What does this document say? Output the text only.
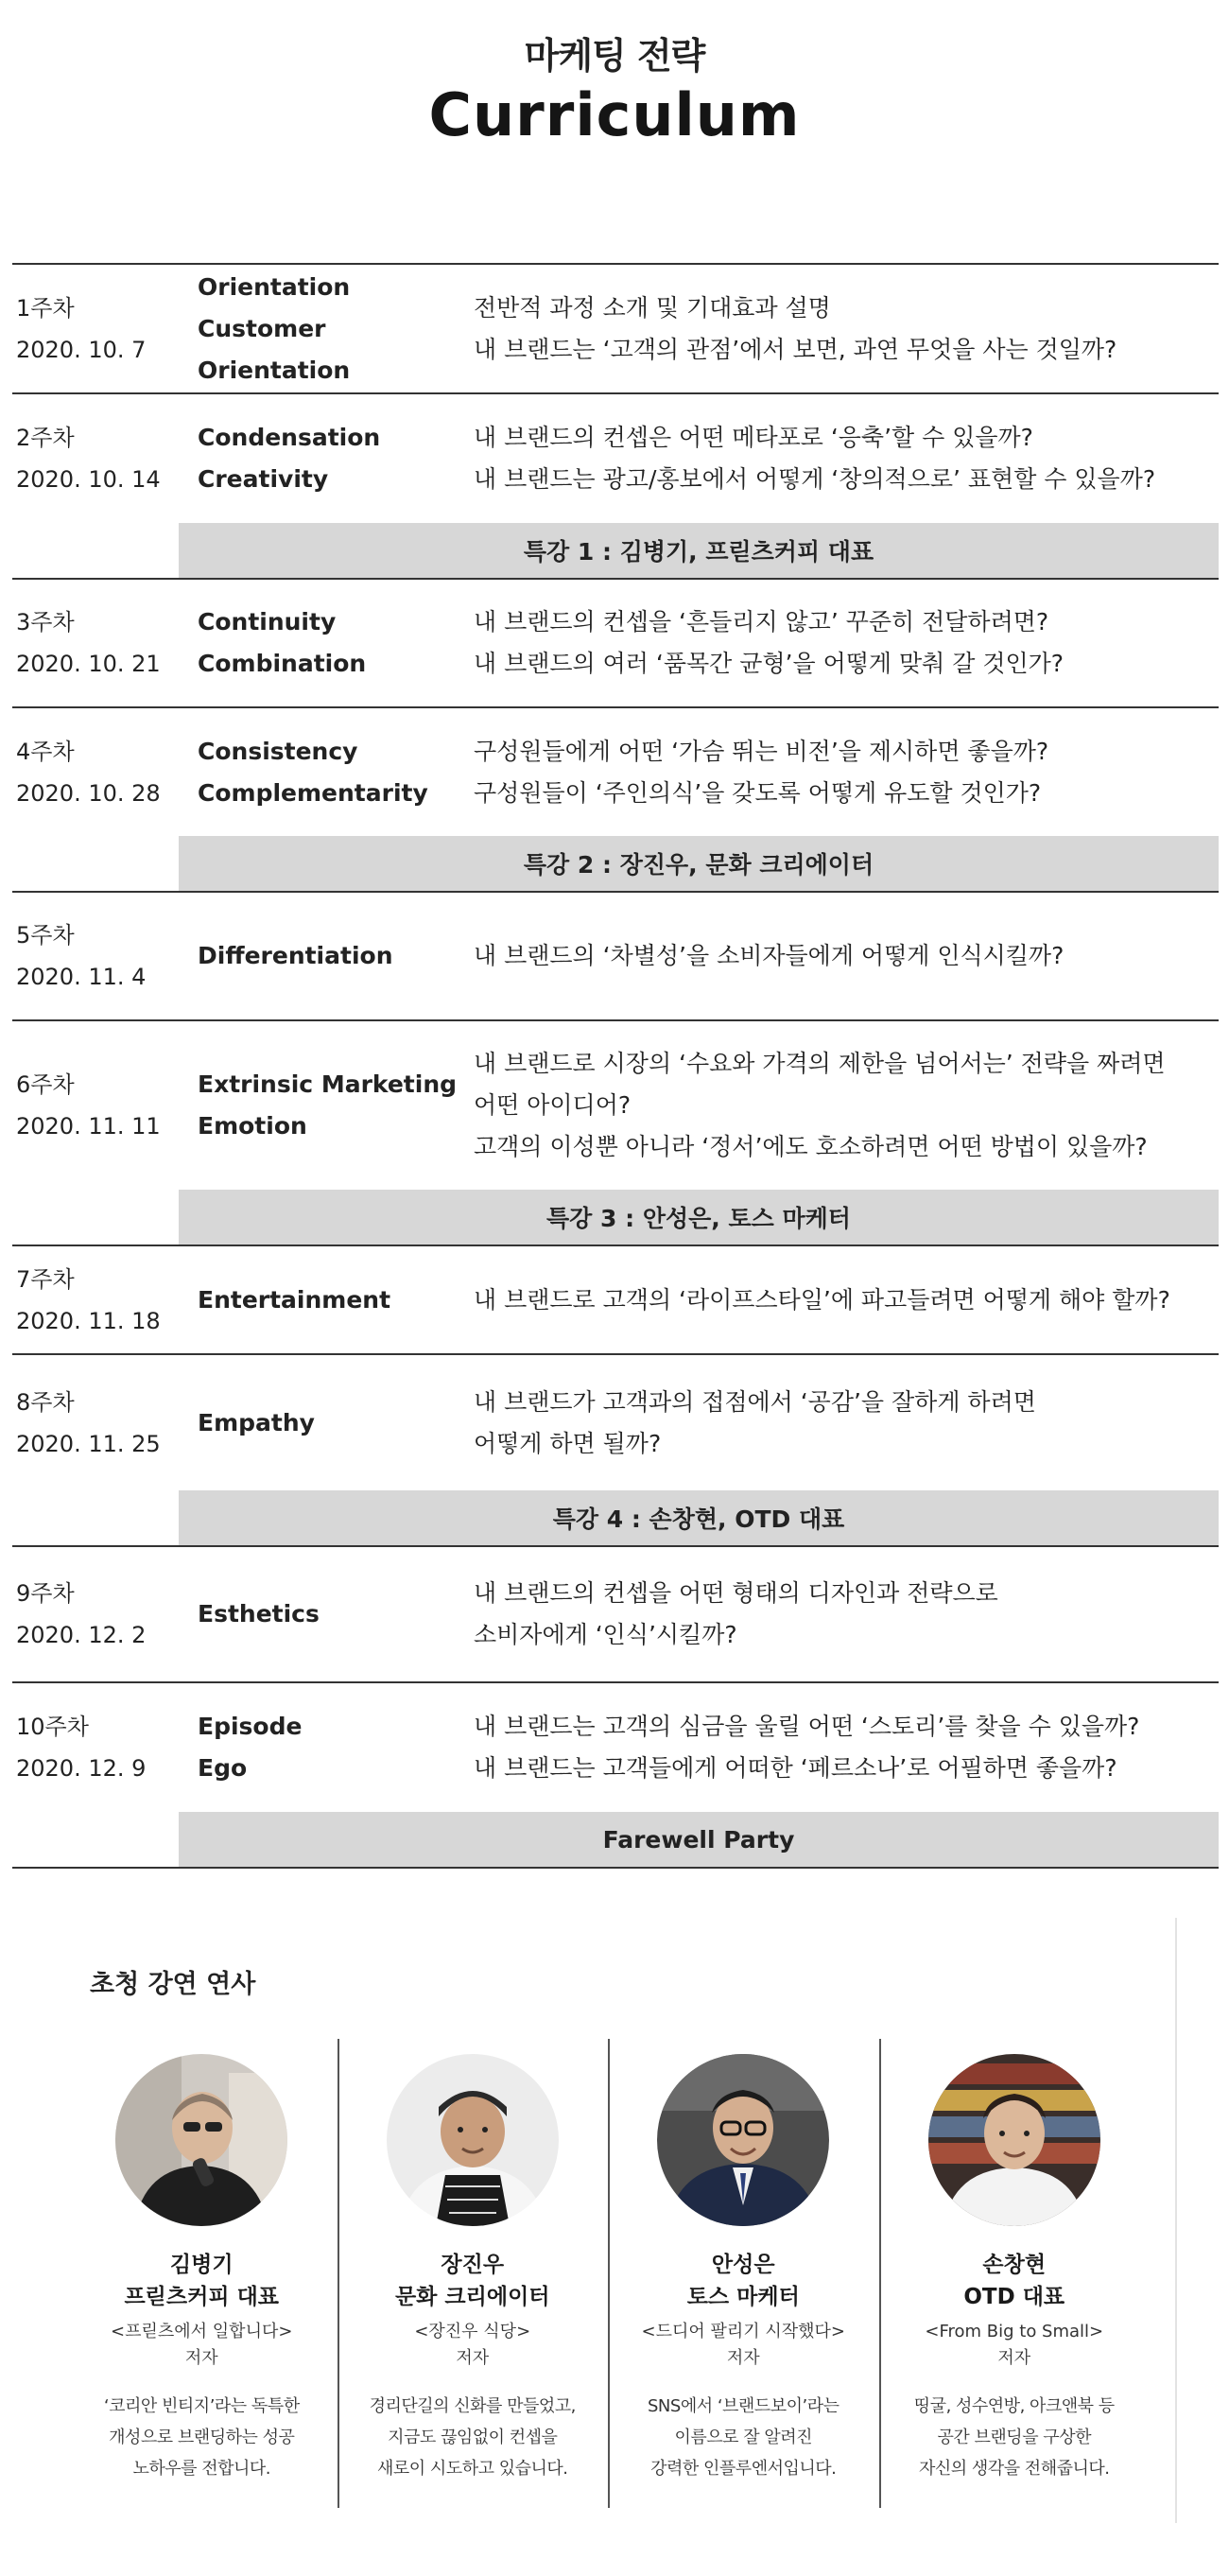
마케팅 전략
Curriculum
1주차
2020. 10. 7
Orientation
Customer Orientation
전반적 과정 소개 및 기대효과 설명
내 브랜드는 ‘고객의 관점’에서 보면, 과연 무엇을 사는 것일까?
2주차
2020. 10. 14
Condensation
Creativity
내 브랜드의 컨셉은 어떤 메타포로 ‘응축’할 수 있을까?
내 브랜드는 광고/홍보에서 어떻게 ‘창의적으로’ 표현할 수 있을까?
특강 1 : 김병기, 프릳츠커피 대표
3주차
2020. 10. 21
Continuity
Combination
내 브랜드의 컨셉을 ‘흔들리지 않고’ 꾸준히 전달하려면?
내 브랜드의 여러 ‘품목간 균형’을 어떻게 맞춰 갈 것인가?
4주차
2020. 10. 28
Consistency
Complementarity
구성원들에게 어떤 ‘가슴 뛰는 비전’을 제시하면 좋을까?
구성원들이 ‘주인의식’을 갖도록 어떻게 유도할 것인가?
특강 2 : 장진우, 문화 크리에이터
5주차
2020. 11. 4
Differentiation	내 브랜드의 ‘차별성’을 소비자들에게 어떻게 인식시킬까?
6주차
2020. 11. 11
Extrinsic Marketing
Emotion
내 브랜드로 시장의 ‘수요와 가격의 제한을 넘어서는’ 전략을 짜려면
어떤 아이디어?
고객의 이성뿐 아니라 ‘정서’에도 호소하려면 어떤 방법이 있을까?
특강 3 : 안성은, 토스 마케터
7주차
2020. 11. 18
Entertainment	내 브랜드로 고객의 ‘라이프스타일’에 파고들려면 어떻게 해야 할까?
8주차
2020. 11. 25
Empathy
내 브랜드가 고객과의 접점에서 ‘공감’을 잘하게 하려면
어떻게 하면 될까?
특강 4 : 손창현, OTD 대표
9주차
2020. 12. 2
Esthetics
내 브랜드의 컨셉을 어떤 형태의 디자인과 전략으로
소비자에게 ‘인식’시킬까?
10주차
2020. 12. 9
Episode
Ego
내 브랜드는 고객의 심금을 울릴 어떤 ‘스토리’를 찾을 수 있을까?
내 브랜드는 고객들에게 어떠한 ‘페르소나’로 어필하면 좋을까?
Farewell Party
초청 강연 연사
김병기
프릳츠커피 대표
<프릳츠에서 일합니다>
저자
‘코리안 빈티지’라는 독특한
개성으로 브랜딩하는 성공
노하우를 전합니다.
장진우
문화 크리에이터
<장진우 식당>
저자
경리단길의 신화를 만들었고,
지금도 끊임없이 컨셉을
새로이 시도하고 있습니다.
안성은
토스 마케터
<드디어 팔리기 시작했다>
저자
SNS에서 ‘브랜드보이’라는
이름으로 잘 알려진
강력한 인플루엔서입니다.
손창현
OTD 대표
<From Big to Small>
저자
띵굴, 성수연방, 아크앤북 등
공간 브랜딩을 구상한
자신의 생각을 전해줍니다.
